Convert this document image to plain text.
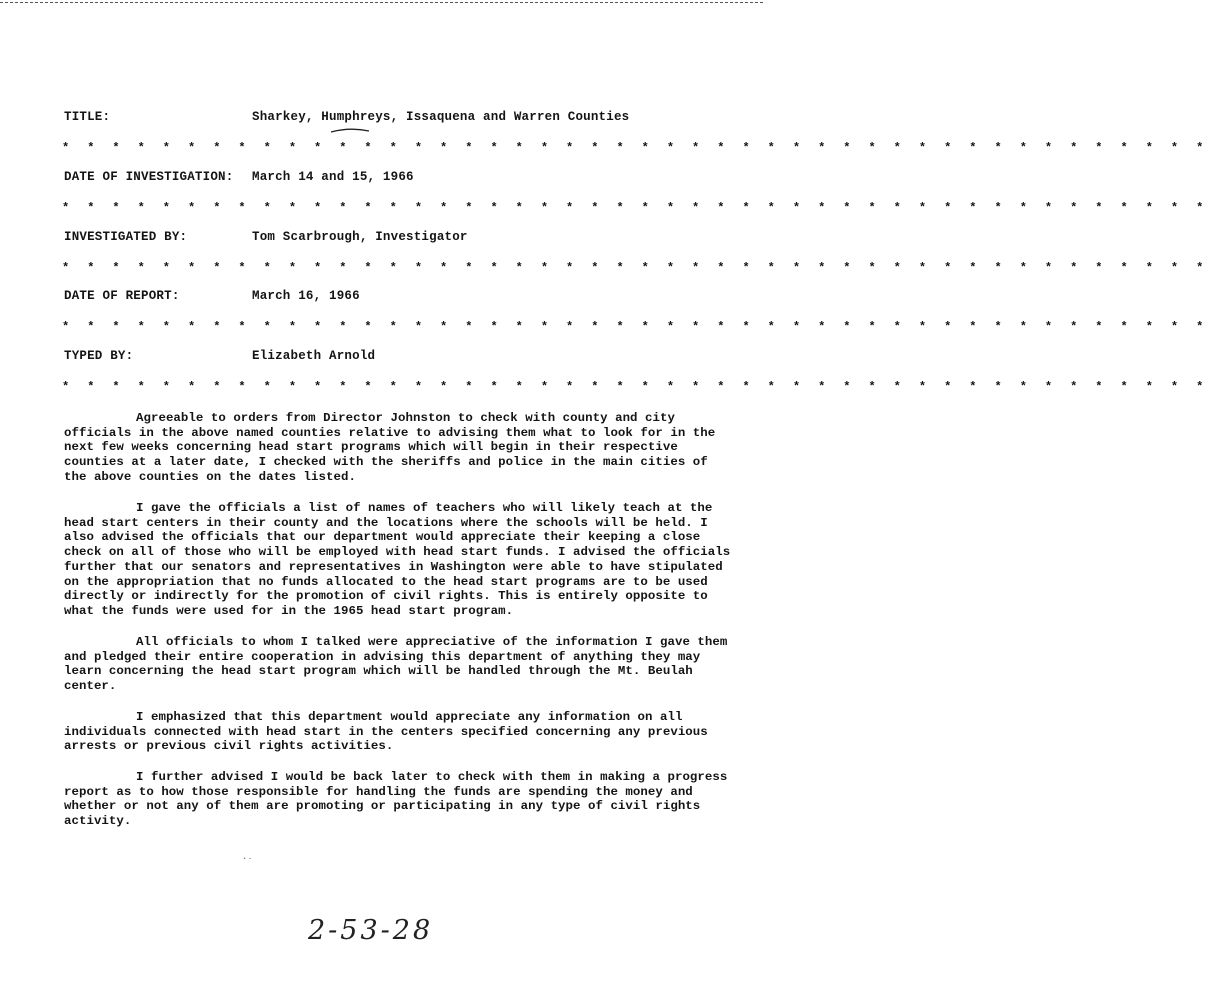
TITLE:	Sharkey, Humphreys, Issaquena and Warren Counties
* * * * * * * * * * * * * * * * * * * * * * * * * * * * * * * * * * * * * * * * * * * * * *
DATE OF INVESTIGATION: March 14 and 15, 1966
* * * * * * * * * * * * * * * * * * * * * * * * * * * * * * * * * * * * * * * * * * * * * *
INVESTIGATED BY:	Tom Scarbrough, Investigator
* * * * * * * * * * * * * * * * * * * * * * * * * * * * * * * * * * * * * * * * * * * * * *
DATE OF REPORT:	March 16, 1966
* * * * * * * * * * * * * * * * * * * * * * * * * * * * * * * * * * * * * * * * * * * * * *
TYPED BY:	Elizabeth Arnold
* * * * * * * * * * * * * * * * * * * * * * * * * * * * * * * * * * * * * * * * * * * * * *

Agreeable to orders from Director Johnston to check with county and city officials in the above named counties relative to advising them what to look for in the next few weeks concerning head start programs which will begin in their respective counties at a later date, I checked with the sheriffs and police in the main cities of the above counties on the dates listed.

I gave the officials a list of names of teachers who will likely teach at the head start centers in their county and the locations where the schools will be held. I also advised the officials that our department would appreciate their keeping a close check on all of those who will be employed with head start funds. I advised the officials further that our senators and representatives in Washington were able to have stipulated on the appropriation that no funds allocated to the head start programs are to be used directly or indirectly for the promotion of civil rights. This is entirely opposite to what the funds were used for in the 1965 head start program.

All officials to whom I talked were appreciative of the information I gave them and pledged their entire cooperation in advising this department of anything they may learn concerning the head start program which will be handled through the Mt. Beulah center.

I emphasized that this department would appreciate any information on all individuals connected with head start in the centers specified concerning any previous arrests or previous civil rights activities.

I further advised I would be back later to check with them in making a progress report as to how those responsible for handling the funds are spending the money and whether or not any of them are promoting or participating in any type of civil rights activity.

·٠
2-53-28
